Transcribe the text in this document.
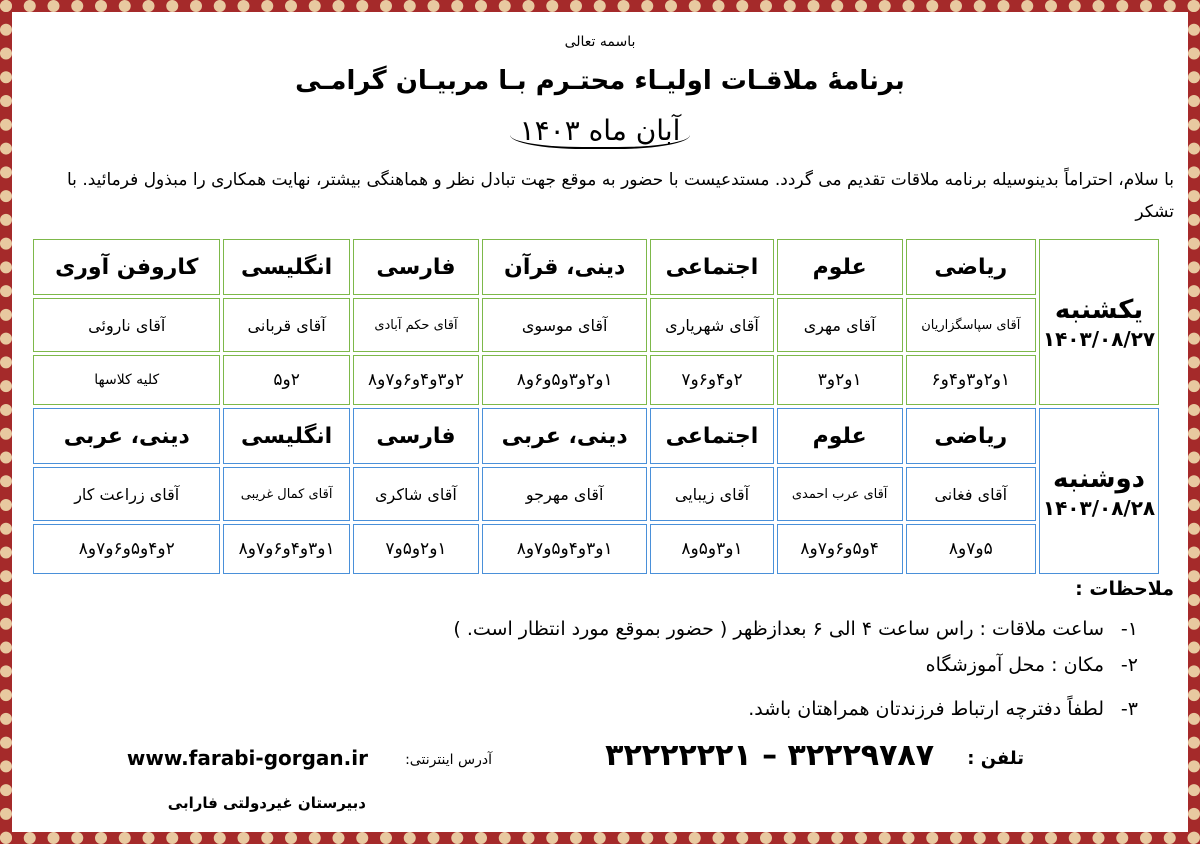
باسمه تعالی
برنامۀ ملاقـات اولیـاء محتـرم بـا مربیـان گرامـی
آبان ماه ۱۴۰۳
با سلام، احتراماً بدینوسیله برنامه ملاقات تقدیم می گردد. مستدعیست با حضور به موقع جهت تبادل نظر و هماهنگی بیشتر، نهایت همکاری را مبذول فرمائید. با تشکر
یکشنبه
۱۴۰۳/۰۸/۲۷	ریاضی	علوم	اجتماعی	دینی، قرآن	فارسی	انگلیسی	کاروفن آوری
	آقای سپاسگزاریان	آقای مهری	آقای شهریاری	آقای موسوی	آقای حکم آبادی	آقای قربانی	آقای ناروئی
	۱و۲و۳و۴و۶	۱و۲و۳	۲و۴و۶و۷	۱و۲و۳و۵و۶و۸	۲و۳و۴و۶و۷و۸	۲و۵	کلیه کلاسها

دوشنبه
۱۴۰۳/۰۸/۲۸	ریاضی	علوم	اجتماعی	دینی، عربی	فارسی	انگلیسی	دینی، عربی
	آقای فغانی	آقای عرب احمدی	آقای زیبایی	آقای مهرجو	آقای شاکری	آقای کمال غریبی	آقای زراعت کار
	۵و۷و۸	۴و۵و۶و۷و۸	۱و۳و۵و۸	۱و۳و۴و۵و۷و۸	۱و۲و۵و۷	۱و۳و۴و۶و۷و۸	۲و۴و۵و۶و۷و۸
ملاحظات :
۱-ساعت ملاقات : راس ساعت ۴ الی ۶ بعدازظهر ( حضور بموقع مورد انتظار است. )
۲-مکان : محل آموزشگاه
۳-لطفاً دفترچه ارتباط فرزندتان همراهتان باشد.
تلفن :
۳۲۲۲۲۲۲۱ – ۳۲۲۲۹۷۸۷
آدرس اینترنتی:
www.farabi-gorgan.ir
دبیرستان غیردولتی فارابی
